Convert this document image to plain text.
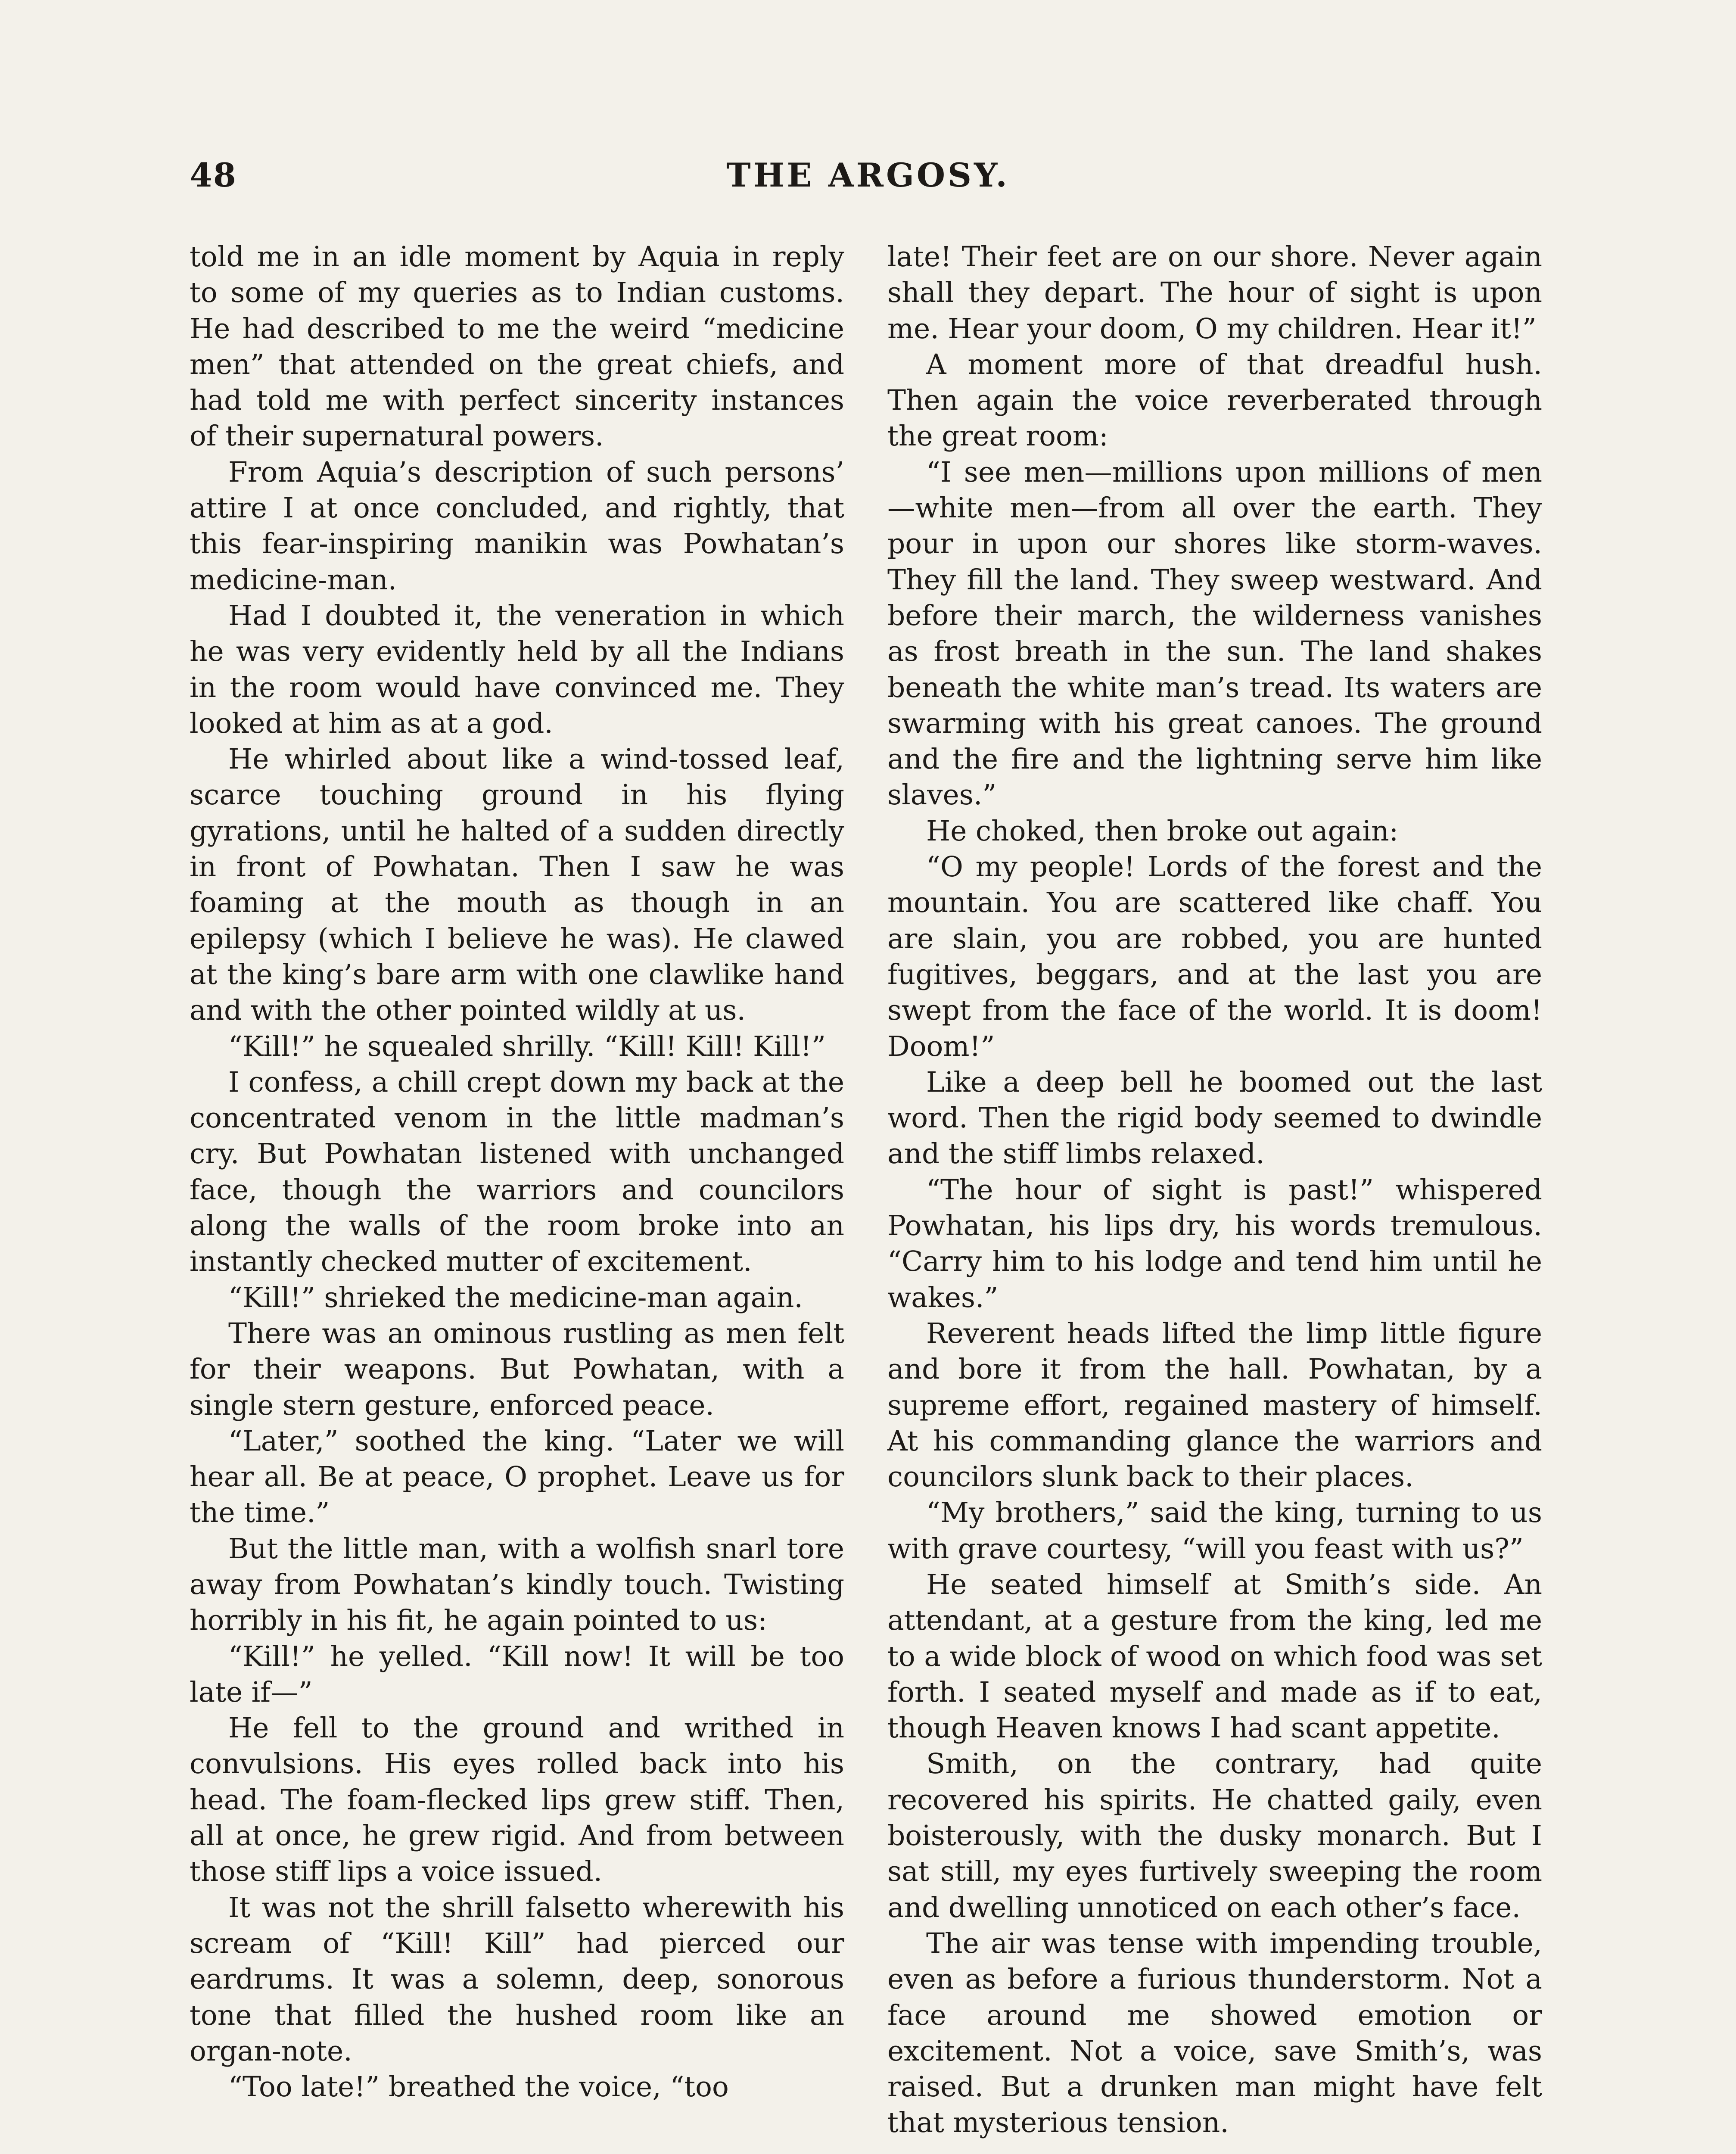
48	THE ARGOSY.

told me in an idle moment by Aquia in reply to some of my queries as to Indian customs. He had described to me the weird “medicine men” that attended on the great chiefs, and had told me with perfect sincerity instances of their supernatural powers.

From Aquia’s description of such persons’ attire I at once concluded, and rightly, that this fear-inspiring manikin was Powhatan’s medicine-man.

Had I doubted it, the veneration in which he was very evidently held by all the Indians in the room would have convinced me. They looked at him as at a god.

He whirled about like a wind-tossed leaf, scarce touching ground in his flying gyrations, until he halted of a sudden directly in front of Powhatan. Then I saw he was foaming at the mouth as though in an epilepsy (which I believe he was). He clawed at the king’s bare arm with one clawlike hand and with the other pointed wildly at us.

“Kill!” he squealed shrilly. “Kill! Kill! Kill!”

I confess, a chill crept down my back at the concentrated venom in the little madman’s cry. But Powhatan listened with unchanged face, though the warriors and councilors along the walls of the room broke into an instantly checked mutter of excitement.

“Kill!” shrieked the medicine-man again.

There was an ominous rustling as men felt for their weapons. But Powhatan, with a single stern gesture, enforced peace.

“Later,” soothed the king. “Later we will hear all. Be at peace, O prophet. Leave us for the time.”

But the little man, with a wolfish snarl tore away from Powhatan’s kindly touch. Twisting horribly in his fit, he again pointed to us:

“Kill!” he yelled. “Kill now! It will be too late if—”

He fell to the ground and writhed in convulsions. His eyes rolled back into his head. The foam-flecked lips grew stiff. Then, all at once, he grew rigid. And from between those stiff lips a voice issued.

It was not the shrill falsetto wherewith his scream of “Kill! Kill” had pierced our eardrums. It was a solemn, deep, sonorous tone that filled the hushed room like an organ-note.

“Too late!” breathed the voice, “too

late! Their feet are on our shore. Never again shall they depart. The hour of sight is upon me. Hear your doom, O my children. Hear it!”

A moment more of that dreadful hush. Then again the voice reverberated through the great room:

“I see men—millions upon millions of men—white men—from all over the earth. They pour in upon our shores like storm-waves. They fill the land. They sweep westward. And before their march, the wilderness vanishes as frost breath in the sun. The land shakes beneath the white man’s tread. Its waters are swarming with his great canoes. The ground and the fire and the lightning serve him like slaves.”

He choked, then broke out again:

“O my people! Lords of the forest and the mountain. You are scattered like chaff. You are slain, you are robbed, you are hunted fugitives, beggars, and at the last you are swept from the face of the world. It is doom! Doom!”

Like a deep bell he boomed out the last word. Then the rigid body seemed to dwindle and the stiff limbs relaxed.

“The hour of sight is past!” whispered Powhatan, his lips dry, his words tremulous. “Carry him to his lodge and tend him until he wakes.”

Reverent heads lifted the limp little figure and bore it from the hall. Powhatan, by a supreme effort, regained mastery of himself. At his commanding glance the warriors and councilors slunk back to their places.

“My brothers,” said the king, turning to us with grave courtesy, “will you feast with us?”

He seated himself at Smith’s side. An attendant, at a gesture from the king, led me to a wide block of wood on which food was set forth. I seated myself and made as if to eat, though Heaven knows I had scant appetite.

Smith, on the contrary, had quite recovered his spirits. He chatted gaily, even boisterously, with the dusky monarch. But I sat still, my eyes furtively sweeping the room and dwelling unnoticed on each other’s face.

The air was tense with impending trouble, even as before a furious thunderstorm. Not a face around me showed emotion or excitement. Not a voice, save Smith’s, was raised. But a drunken man might have felt that mysterious tension.
